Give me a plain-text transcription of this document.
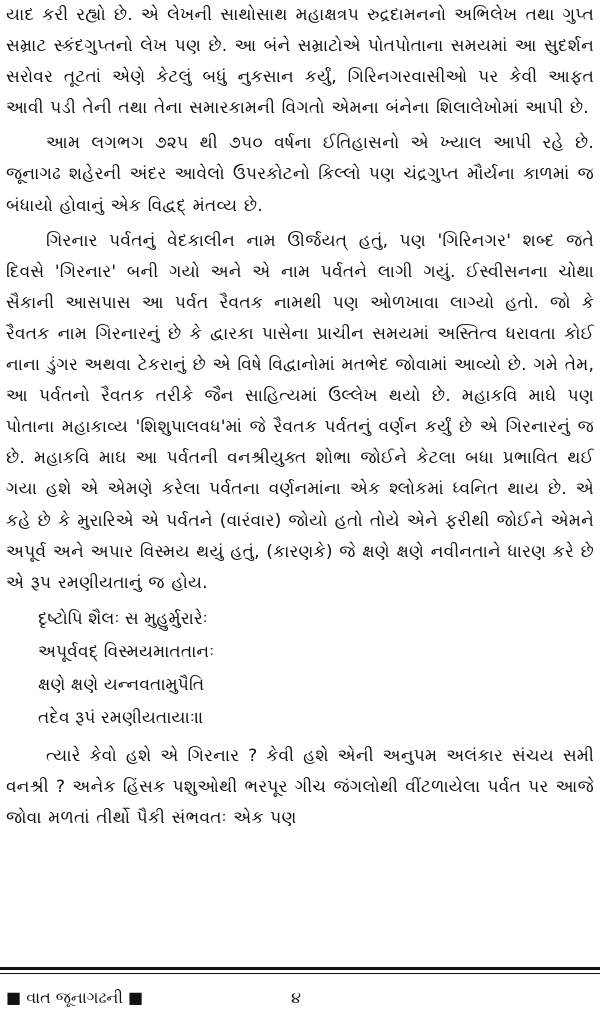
યાદ કરી રહ્યો છે. એ લેખની સાથોસાથ મહાક્ષત્રપ રુદ્રદામનનો અભિલેખ તથા ગુપ્ત સમ્રાટ સ્કંદગુપ્તનો લેખ પણ છે. આ બંને સમ્રાટોએ પોતપોતાના સમયમાં આ સુદર્શન સરોવર તૂટતાં એણે કેટલું બધું નુકસાન કર્યું, ગિરિનગરવાસીઓ પર કેવી આફત આવી પડી તેની તથા તેના સમારકામની વિગતો એમના બંનેના શિલાલેખોમાં આપી છે.

આમ લગભગ ૭૨૫ થી ૭૫૦ વર્ષના ઈતિહાસનો એ ખ્યાલ આપી રહે છે. જૂનાગઢ શહેરની અંદર આવેલો ઉપરકોટનો કિલ્લો પણ ચંદ્રગુપ્ત મૌર્યના કાળમાં જ બંધાયો હોવાનું એક વિદ્વદ્ મંતવ્ય છે.

ગિરનાર પર્વતનું વેદકાલીન નામ ઊર્જયત્ હતું, પણ 'ગિરિનગર' શબ્દ જતે દિવસે 'ગિરનાર' બની ગયો અને એ નામ પર્વતને લાગી ગયું. ઈસ્વીસનના ચોથા સૈકાની આસપાસ આ પર્વત રૈવતક નામથી પણ ઓળખાવા લાગ્યો હતો. જો કે રૈવતક નામ ગિરનારનું છે કે દ્વારકા પાસેના પ્રાચીન સમયમાં અસ્તિત્વ ધરાવતા કોઈ નાના ડુંગર અથવા ટેકરાનું છે એ વિષે વિદ્વાનોમાં મતભેદ જોવામાં આવ્યો છે. ગમે તેમ, આ પર્વતનો રૈવતક તરીકે જૈન સાહિત્યમાં ઉલ્લેખ થયો છે. મહાકવિ માઘે પણ પોતાના મહાકાવ્ય 'શિશુપાલવધ'માં જે રૈવતક પર્વતનું વર્ણન કર્યું છે એ ગિરનારનું જ છે. મહાકવિ માઘ આ પર્વતની વનશ્રીયુક્ત શોભા જોઈને કેટલા બધા પ્રભાવિત થઈ ગયા હશે એ એમણે કરેલા પર્વતના વર્ણનમાંના એક શ્લોકમાં ધ્વનિત થાય છે. એ કહે છે કે મુરારિએ એ પર્વતને (વારંવાર) જોયો હતો તોયે એને ફરીથી જોઈને એમને અપૂર્વ અને અપાર વિસ્મય થયું હતું, (કારણકે) જે ક્ષણે ક્ષણે નવીનતાને ધારણ કરે છે એ રૂપ રમણીયતાનું જ હોય.

દૃષ્ટોપિ શૈલઃ સ મુહુર્મુરારેઃ
અપૂર્વવદ્ વિસ્મયમાતતાનઃ
ક્ષણે ક્ષણે યન્નવતામુપૈતિ
તદેવ રૂપં રમણીયતાયાઃ॥

ત્યારે કેવો હશે એ ગિરનાર ? કેવી હશે એની અનુપમ અલંકાર સંચય સમી વનશ્રી ? અનેક હિંસક પશુઓથી ભરપૂર ગીચ જંગલોથી વીંટળાયેલા પર્વત પર આજે જોવા મળતાં તીર્થો પૈકી સંભવતઃ એક પણ

■ વાત જૂનાગઢની ■	૪
